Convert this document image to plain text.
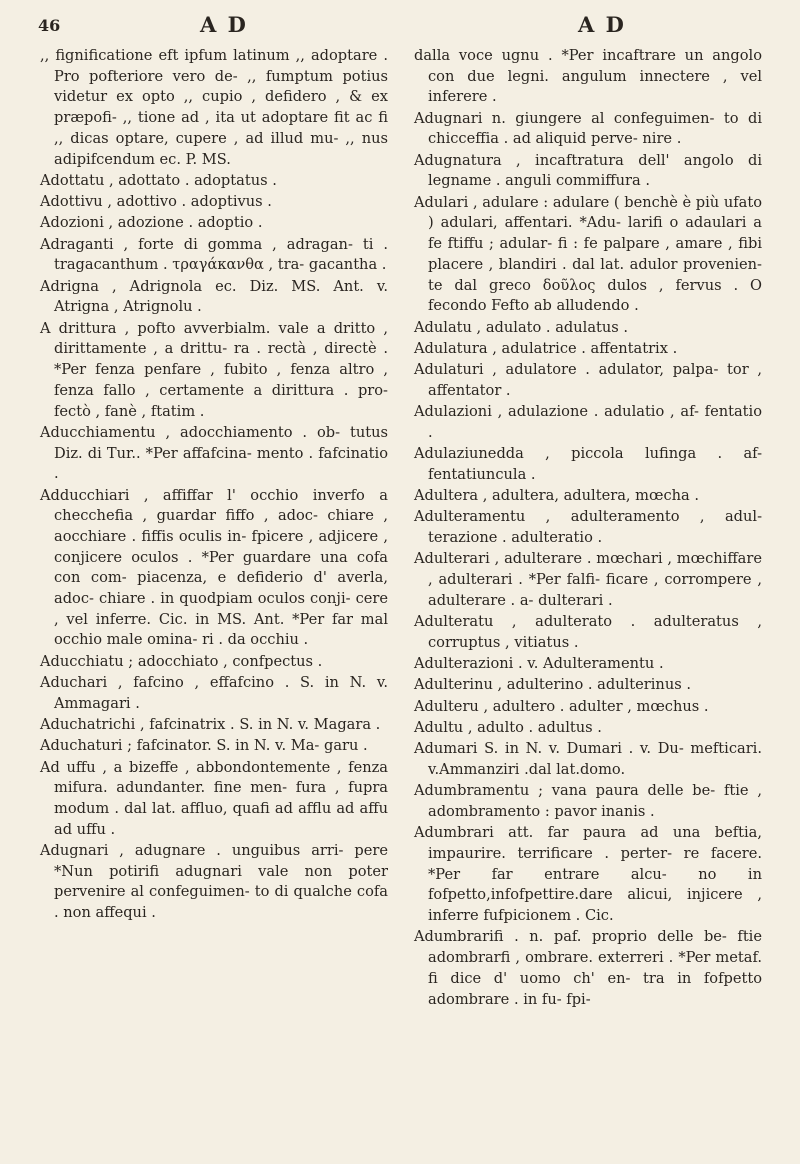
46	A D	A D

,, fignificatione eft ipfum latinum ,, adoptare . Pro pofteriore vero de- ,, fumptum potius videtur ex opto ,, cupio , defidero , & ex præpofi- ,, tione ad , ita ut adoptare fit ac fi ,, dicas optare, cupere , ad illud mu- ,, nus adipifcendum ec. P. MS.

Adottatu , adottato . adoptatus .

Adottivu , adottivo . adoptivus .

Adozioni , adozione . adoptio .

Adraganti , forte di gomma , adragan- ti . tragacanthum . τραγάκανθα , tra- gacantha .

Adrigna , Adrignola ec. Diz. MS. Ant. v. Atrigna , Atrignolu .

A drittura , pofto avverbialm. vale a dritto , dirittamente , a drittu- ra . rectà , directè . *Per fenza penfare , fubito , fenza altro , fenza fallo , certamente a dirittura . pro- fectò , fanè , ftatim .

Aducchiamentu , adocchiamento . ob- tutus Diz. di Tur.. *Per affafcina- mento . fafcinatio .

Adducchiari , affiffar l' occhio inverfo a checchefia , guardar fiffo , adoc- chiare , aocchiare . fiffis oculis in- fpicere , adjicere , conjicere oculos . *Per guardare una cofa con com- piacenza, e defiderio d' averla, adoc- chiare . in quodpiam oculos conji- cere , vel inferre. Cic. in MS. Ant. *Per far mal occhio male omina- ri . da occhiu .

Aducchiatu ; adocchiato , confpectus .

Aduchari , fafcino , effafcino . S. in N. v. Ammagari .

Aduchatrichi , fafcinatrix . S. in N. v. Magara .

Aduchaturi ; fafcinator. S. in N. v. Ma- garu .

Ad uffu , a bizeffe , abbondontemente , fenza mifura. adundanter. fine men- fura , fupra modum . dal lat. affluo, quafi ad afflu ad affu ad uffu .

Adugnari , adugnare . unguibus arri- pere *Nun potirifi adugnari vale non poter pervenire al confeguimen- to di qualche cofa . non affequi .

dalla voce ugnu . *Per incaftrare un angolo con due legni. angulum innectere , vel inferere .

Adugnari n. giungere al confeguimen- to di chicceffia . ad aliquid perve- nire .

Adugnatura , incaftratura dell' angolo di legname . anguli commiffura .

Adulari , adulare : adulare ( benchè è più ufato ) adulari, affentari. *Adu- larifi o adaulari a fe ftiffu ; adular- fi : fe palpare , amare , fibi placere , blandiri . dal lat. adulor provenien- te dal greco δοῦλος dulos , fervus . O fecondo Fefto ab alludendo .

Adulatu , adulato . adulatus .

Adulatura , adulatrice . affentatrix .

Adulaturi , adulatore . adulator, palpa- tor , affentator .

Adulazioni , adulazione . adulatio , af- fentatio .

Adulaziunedda , piccola lufinga . af- fentatiuncula .

Adultera , adultera, adultera, mœcha .

Adulteramentu , adulteramento , adul- terazione . adulteratio .

Adulterari , adulterare . mœchari , mœchiffare , adulterari . *Per falfi- ficare , corrompere , adulterare . a- dulterari .

Adulteratu , adulterato . adulteratus , corruptus , vitiatus .

Adulterazioni . v. Adulteramentu .

Adulterinu , adulterino . adulterinus .

Adulteru , adultero . adulter , mœchus .

Adultu , adulto . adultus .

Adumari S. in N. v. Dumari . v. Du- mefticari. v.Ammanziri .dal lat.domo.

Adumbramentu ; vana paura delle be- ftie , adombramento : pavor inanis .

Adumbrari att. far paura ad una beftia, impaurire. terrificare . perter- re facere. *Per far entrare alcu- no in fofpetto,infofpettire.dare alicui, injicere , inferre fufpicionem . Cic.

Adumbrarifi . n. paf. proprio delle be- ftie adombrarfi , ombrare. exterreri . *Per metaf. fi dice d' uomo ch' en- tra in fofpetto adombrare . in fu- fpi-
